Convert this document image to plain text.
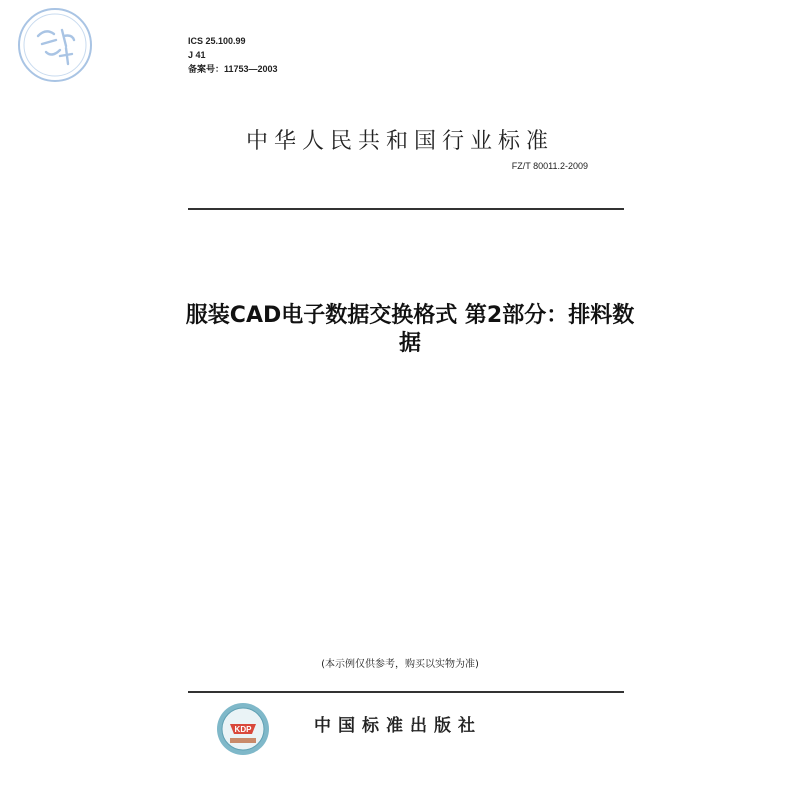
ICS 25.100.99
J 41
备案号：11753—2003
中华人民共和国行业标准
FZ/T 80011.2-2009
服装CAD电子数据交换格式 第2部分：排料数
据
(本示例仅供参考，购买以实物为准)
KDP	中国标准出版社
